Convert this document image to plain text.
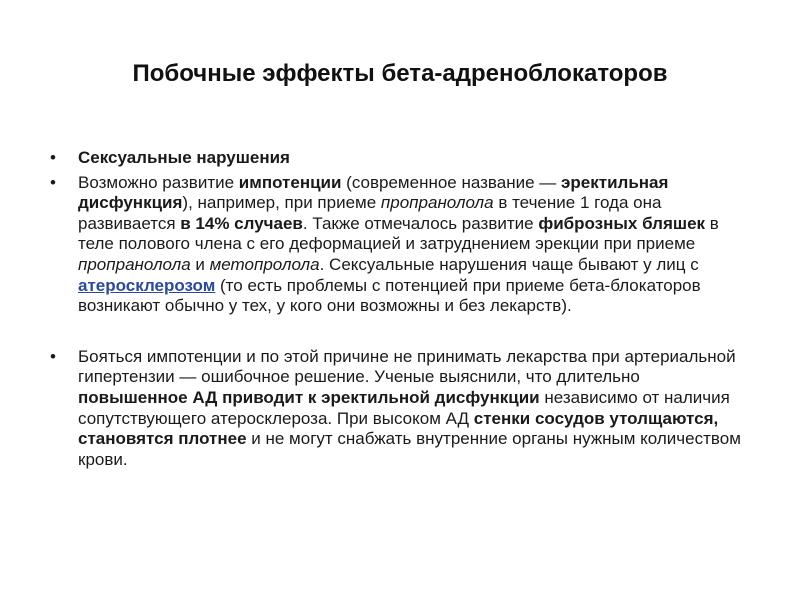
Побочные эффекты бета-адреноблокаторов
• Сексуальные нарушения
• Возможно развитие импотенции (современное название — эректильная дисфункция), например, при приеме пропранолола в течение 1 года она развивается в 14% случаев. Также отмечалось развитие фиброзных бляшек в теле полового члена с его деформацией и затруднением эрекции при приеме пропранолола и метопролола. Сексуальные нарушения чаще бывают у лиц с атеросклерозом (то есть проблемы с потенцией при приеме бета-блокаторов возникают обычно у тех, у кого они возможны и без лекарств).
• Бояться импотенции и по этой причине не принимать лекарства при артериальной гипертензии — ошибочное решение. Ученые выяснили, что длительно повышенное АД приводит к эректильной дисфункции независимо от наличия сопутствующего атеросклероза. При высоком АД стенки сосудов утолщаются, становятся плотнее и не могут снабжать внутренние органы нужным количеством крови.
